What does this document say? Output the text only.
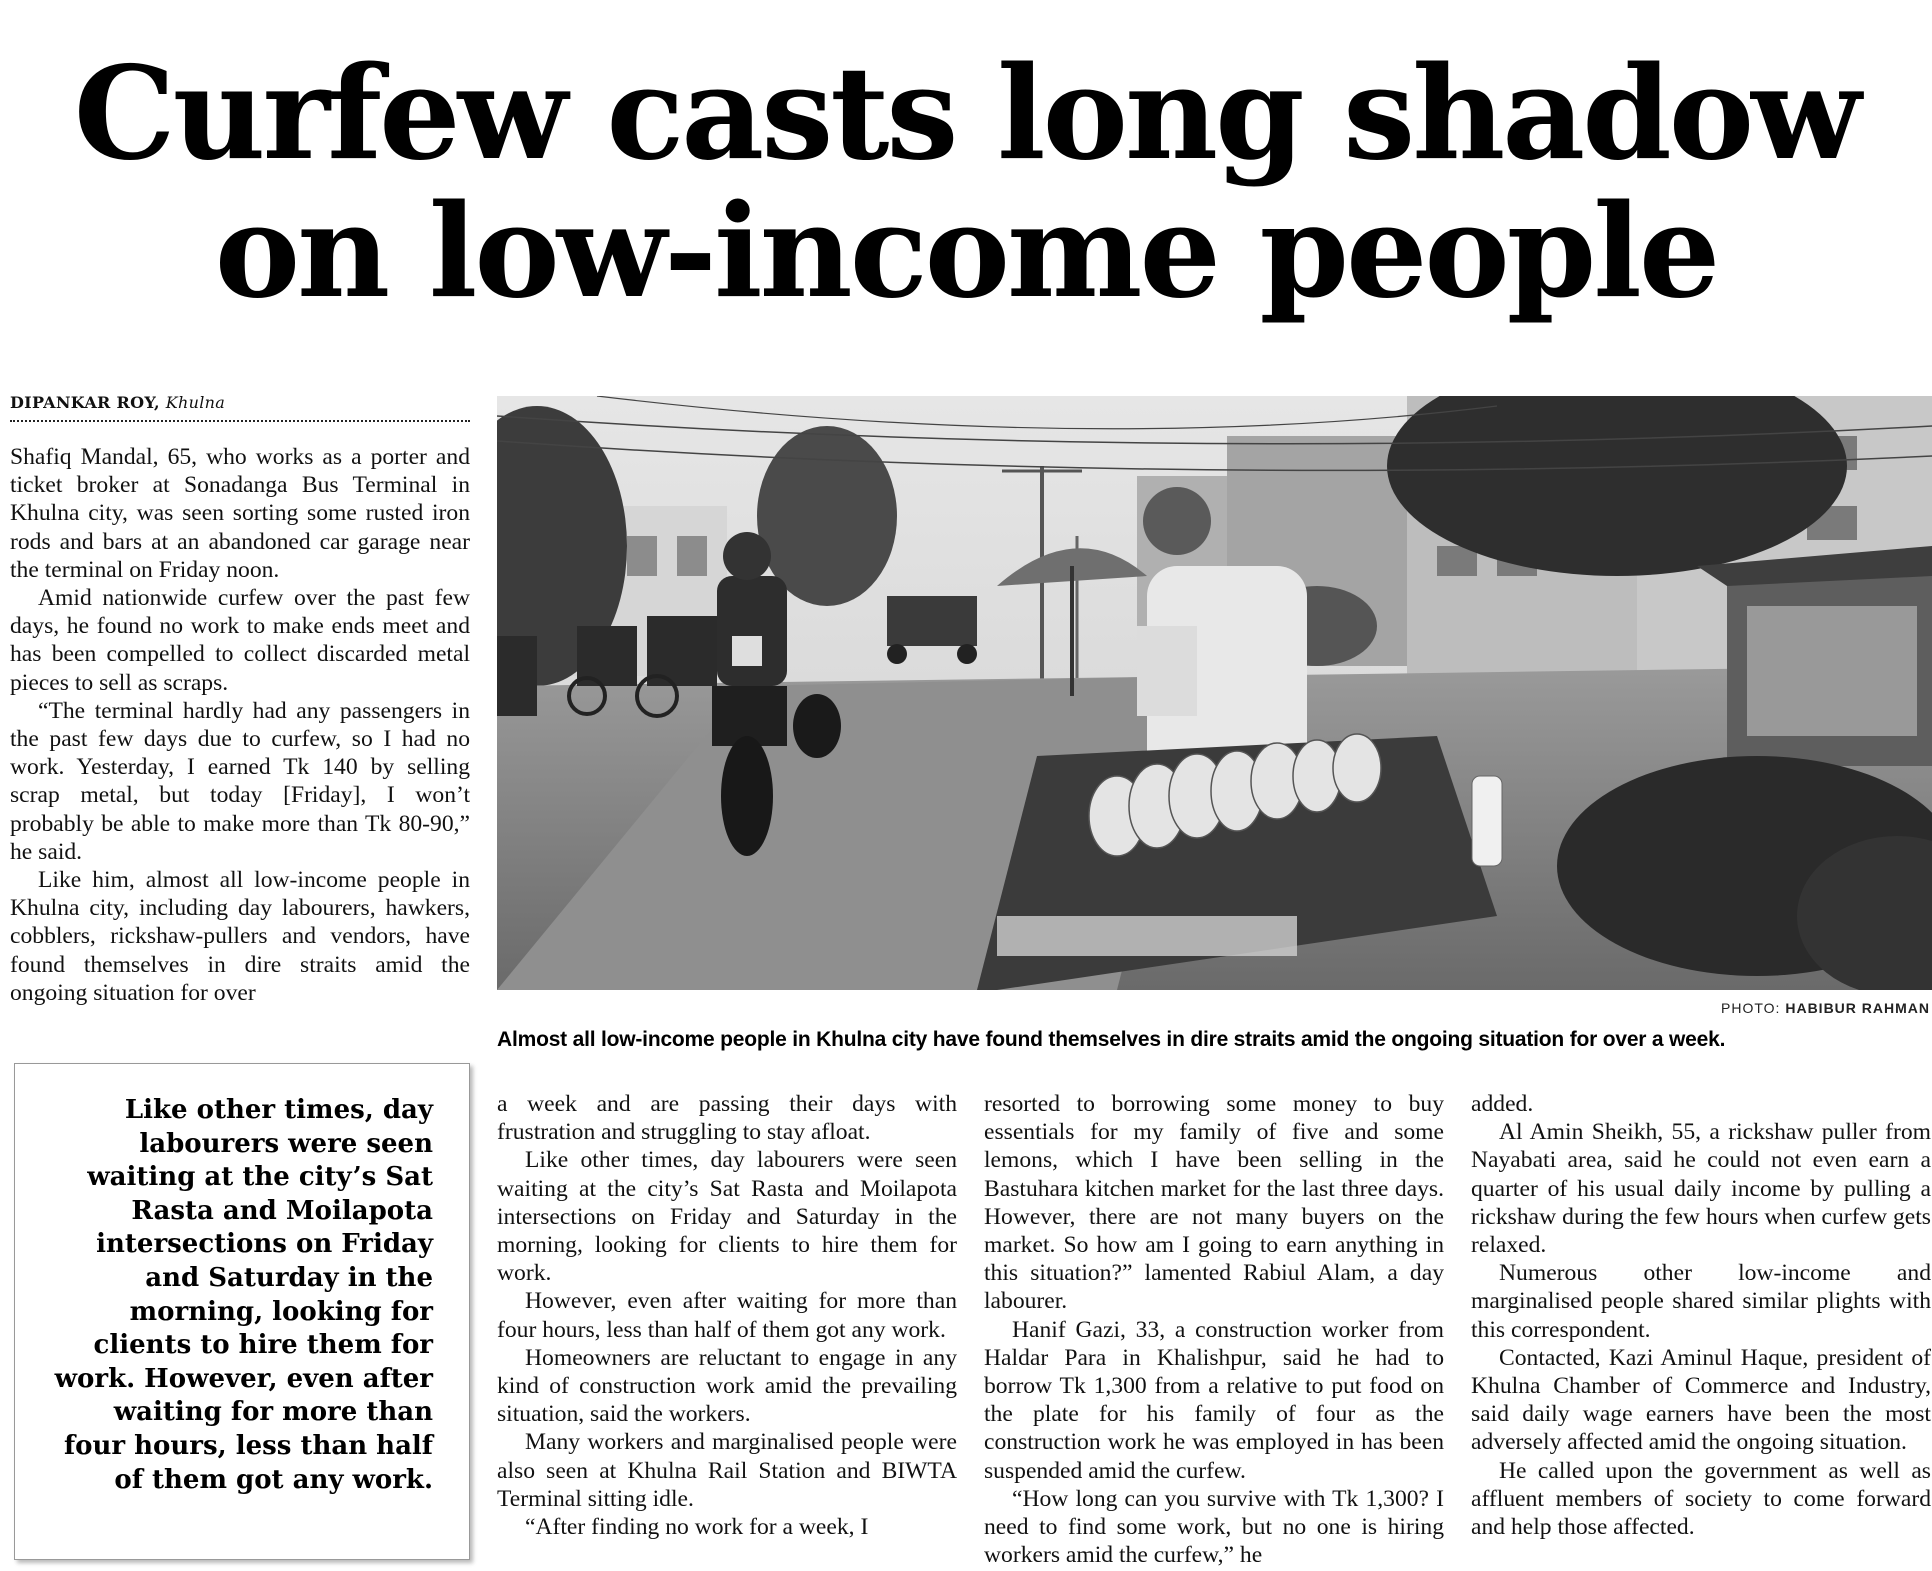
Curfew casts long shadow
on low-income people
DIPANKAR ROY, Khulna

Shafiq Mandal, 65, who works as a porter and ticket broker at Sonadanga Bus Terminal in Khulna city, was seen sorting some rusted iron rods and bars at an abandoned car garage near the terminal on Friday noon.

Amid nationwide curfew over the past few days, he found no work to make ends meet and has been compelled to collect discarded metal pieces to sell as scraps.

“The terminal hardly had any passengers in the past few days due to curfew, so I had no work. Yesterday, I earned Tk 140 by selling scrap metal, but today [Friday], I won’t probably be able to make more than Tk 80-90,” he said.

Like him, almost all low-income people in Khulna city, including day labourers, hawkers, cobblers, rickshaw-pullers and vendors, have found themselves in dire straits amid the ongoing situation for over

PHOTO: HABIBUR RAHMAN
Almost all low-income people in Khulna city have found themselves in dire straits amid the ongoing situation for over a week.
Like other times, day labourers were seen waiting at the city’s Sat Rasta and Moilapota intersections on Friday and Saturday in the morning, looking for clients to hire them for work. However, even after waiting for more than four hours, less than half of them got any work.

a week and are passing their days with frustration and struggling to stay afloat.

Like other times, day labourers were seen waiting at the city’s Sat Rasta and Moilapota intersections on Friday and Saturday in the morning, looking for clients to hire them for work.

However, even after waiting for more than four hours, less than half of them got any work.

Homeowners are reluctant to engage in any kind of construction work amid the prevailing situation, said the workers.

Many workers and marginalised people were also seen at Khulna Rail Station and BIWTA Terminal sitting idle.

“After finding no work for a week, I

resorted to borrowing some money to buy essentials for my family of five and some lemons, which I have been selling in the Bastuhara kitchen market for the last three days. However, there are not many buyers on the market. So how am I going to earn anything in this situation?” lamented Rabiul Alam, a day labourer.

Hanif Gazi, 33, a construction worker from Haldar Para in Khalishpur, said he had to borrow Tk 1,300 from a relative to put food on the plate for his family of four as the construction work he was employed in has been suspended amid the curfew.

“How long can you survive with Tk 1,300? I need to find some work, but no one is hiring workers amid the curfew,” he

added.

Al Amin Sheikh, 55, a rickshaw puller from Nayabati area, said he could not even earn a quarter of his usual daily income by pulling a rickshaw during the few hours when curfew gets relaxed.

Numerous other low-income and marginalised people shared similar plights with this correspondent.

Contacted, Kazi Aminul Haque, president of Khulna Chamber of Commerce and Industry, said daily wage earners have been the most adversely affected amid the ongoing situation.

He called upon the government as well as affluent members of society to come forward and help those affected.
